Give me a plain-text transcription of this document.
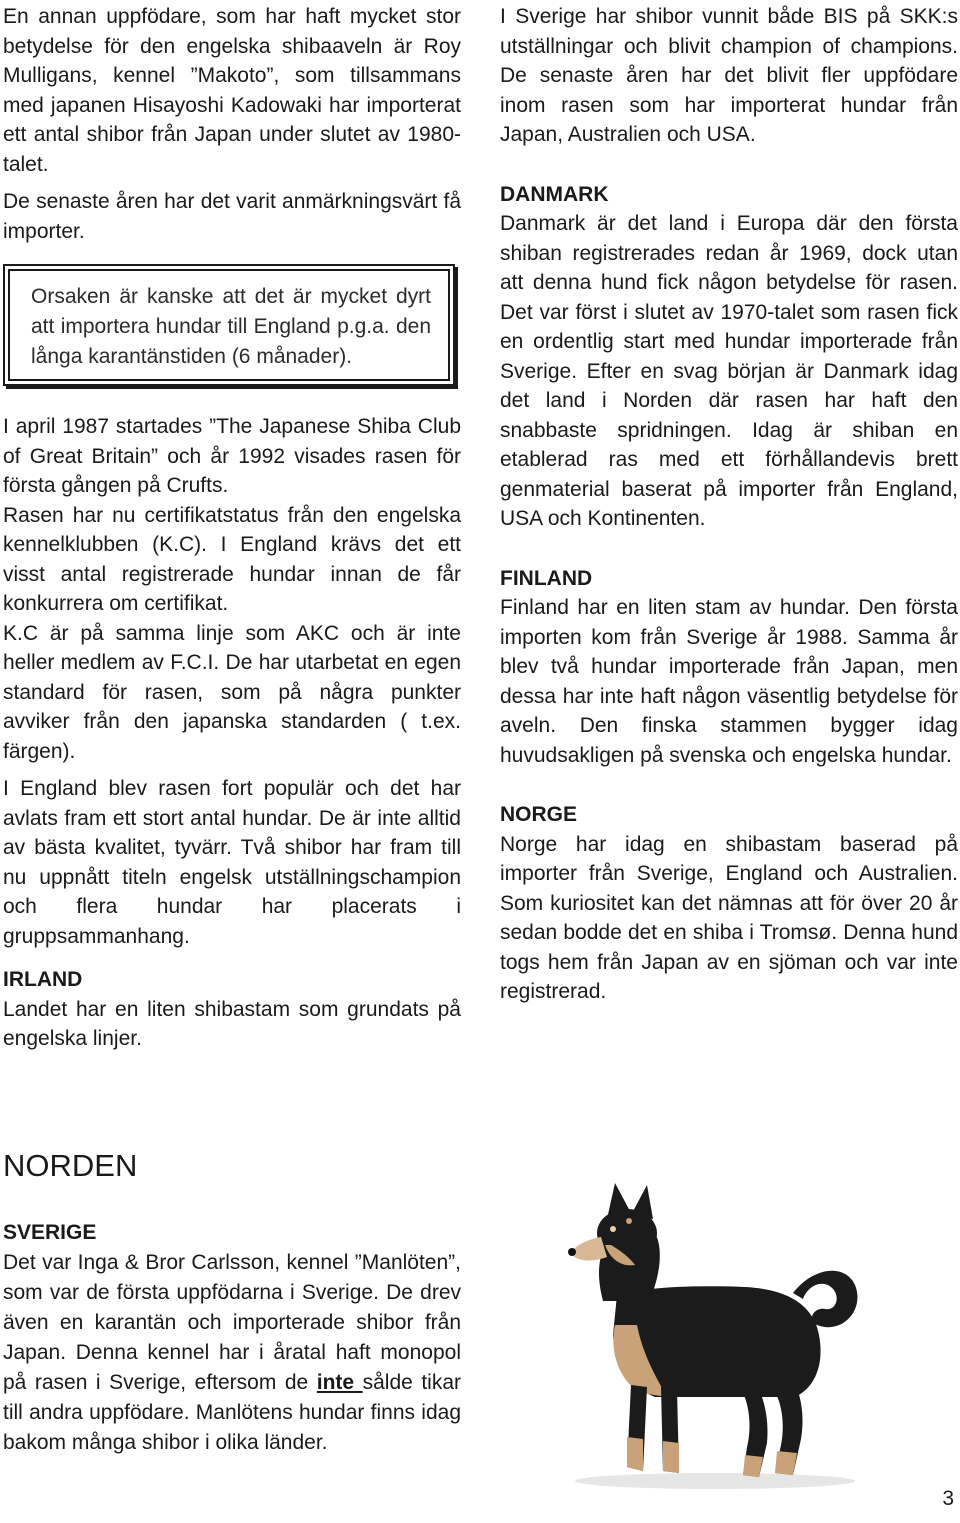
En annan uppfödare, som har haft mycket stor betydelse för den engelska shibaaveln är Roy Mulligans, kennel ”Makoto”, som tillsammans med japanen Hisayoshi Kadowaki har importerat ett antal shibor från Japan under slutet av 1980-talet.

De senaste åren har det varit anmärkningsvärt få importer.

Orsaken är kanske att det är mycket dyrt att importera hundar till England p.g.a. den långa karantänstiden (6 månader).

I april 1987 startades ”The Japanese Shiba Club of Great Britain” och år 1992 visades rasen för första gången på Crufts.

Rasen har nu certifikatstatus från den engelska kennelklubben (K.C). I England krävs det ett visst antal registrerade hundar innan de får konkurrera om certifikat.

K.C är på samma linje som AKC och är inte heller medlem av F.C.I. De har utarbetat en egen standard för rasen, som på några punkter avviker från den japanska standarden ( t.ex. färgen).

I England blev rasen fort populär och det har avlats fram ett stort antal hundar. De är inte alltid av bästa kvalitet, tyvärr. Två shibor har fram till nu uppnått titeln engelsk utställningschampion och flera hundar har placerats i gruppsammanhang.

IRLAND

Landet har en liten shibastam som grundats på engelska linjer.

NORDEN

SVERIGE

Det var Inga & Bror Carlsson, kennel ”Manlöten”, som var de första uppfödarna i Sverige. De drev även en karantän och importerade shibor från Japan. Denna kennel har i åratal haft monopol på rasen i Sverige, eftersom de inte sålde tikar till andra uppfödare. Manlötens hundar finns idag bakom många shibor i olika länder.

I Sverige har shibor vunnit både BIS på SKK:s utställningar och blivit champion of champions. De senaste åren har det blivit fler uppfödare inom rasen som har importerat hundar från Japan, Australien och USA.

DANMARK

Danmark är det land i Europa där den första shiban registrerades redan år 1969, dock utan att denna hund fick någon betydelse för rasen. Det var först i slutet av 1970-talet som rasen fick en ordentlig start med hundar importerade från Sverige. Efter en svag början är Danmark idag det land i Norden där rasen har haft den snabbaste spridningen. Idag är shiban en etablerad ras med ett förhållandevis brett genmaterial baserat på importer från England, USA och Kontinenten.

FINLAND

Finland har en liten stam av hundar. Den första importen kom från Sverige år 1988. Samma år blev två hundar importerade från Japan, men dessa har inte haft någon väsentlig betydelse för aveln. Den finska stammen bygger idag huvudsakligen på svenska och engelska hundar.

NORGE

Norge har idag en shibastam baserad på importer från Sverige, England och Australien. Som kuriositet kan det nämnas att för över 20 år sedan bodde det en shiba i Tromsø. Denna hund togs hem från Japan av en sjöman och var inte registrerad.

3
